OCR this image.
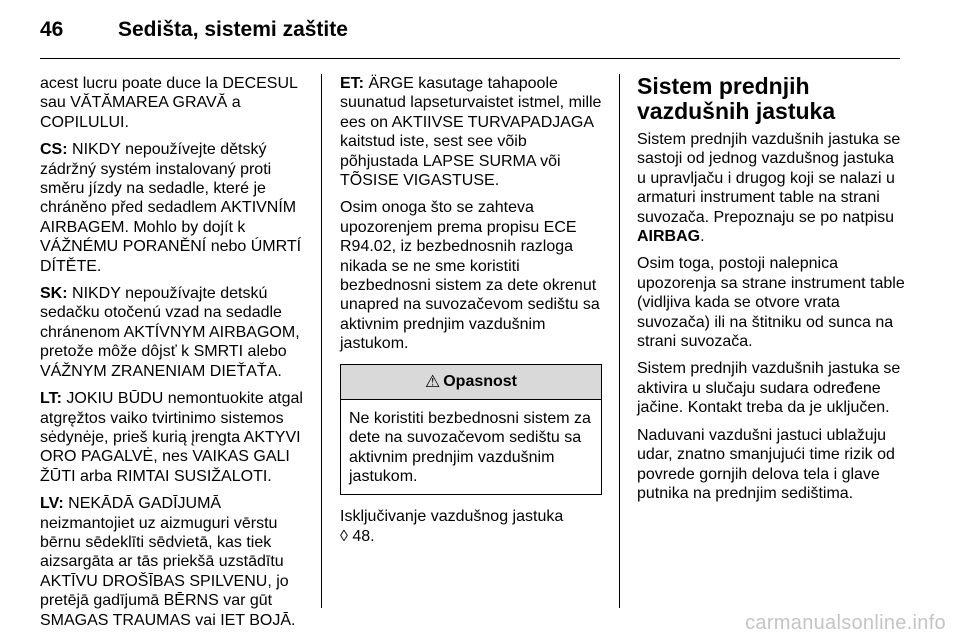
46	Sedišta, sistemi zaštite

acest lucru poate duce la DECESUL sau VĂTĂMAREA GRAVĂ a COPILULUI.

CS: NIKDY nepoužívejte dětský zádržný systém instalovaný proti směru jízdy na sedadle, které je chráněno před sedadlem AKTIVNÍM AIRBAGEM. Mohlo by dojít k VÁŽNÉMU PORANĚNÍ nebo ÚMRTÍ DÍTĚTE.

SK: NIKDY nepoužívajte detskú sedačku otočenú vzad na sedadle chránenom AKTÍVNYM AIRBAGOM, pretože môže dôjsť k SMRTI alebo VÁŽNYM ZRANENIAM DIEŤAŤA.

LT: JOKIU BŪDU nemontuokite atgal atgręžtos vaiko tvirtinimo sistemos sėdynėje, prieš kurią įrengta AKTYVI ORO PAGALVĖ, nes VAIKAS GALI ŽŪTI arba RIMTAI SUSIŽALOTI.

LV: NEKĀDĀ GADĪJUMĀ neizmantojiet uz aizmuguri vērstu bērnu sēdeklīti sēdvietā, kas tiek aizsargāta ar tās priekšā uzstādītu AKTĪVU DROŠĪBAS SPILVENU, jo pretējā gadījumā BĒRNS var gūt SMAGAS TRAUMAS vai IET BOJĀ.

ET: ÄRGE kasutage tahapoole suunatud lapseturvaistet istmel, mille ees on AKTIIVSE TURVAPADJAGA kaitstud iste, sest see võib põhjustada LAPSE SURMA või TÕSISE VIGASTUSE.

Osim onoga što se zahteva upozorenjem prema propisu ECE R94.02, iz bezbednosnih razloga nikada se ne sme koristiti bezbednosni sistem za dete okrenut unapred na suvozačevom sedištu sa aktivnim prednjim vazdušnim jastukom.

⚠ Opasnost
Ne koristiti bezbednosni sistem za dete na suvozačevom sedištu sa aktivnim prednjim vazdušnim jastukom.

Isključivanje vazdušnog jastuka
◊ 48.

Sistem prednjih vazdušnih jastuka

Sistem prednjih vazdušnih jastuka se sastoji od jednog vazdušnog jastuka u upravljaču i drugog koji se nalazi u armaturi instrument table na strani suvozača. Prepoznaju se po natpisu AIRBAG.

Osim toga, postoji nalepnica upozorenja sa strane instrument table (vidljiva kada se otvore vrata suvozača) ili na štitniku od sunca na strani suvozača.

Sistem prednjih vazdušnih jastuka se aktivira u slučaju sudara određene jačine. Kontakt treba da je uključen.

Naduvani vazdušni jastuci ublažuju udar, znatno smanjujući time rizik od povrede gornjih delova tela i glave putnika na prednjim sedištima.

carmanualsonline.info
